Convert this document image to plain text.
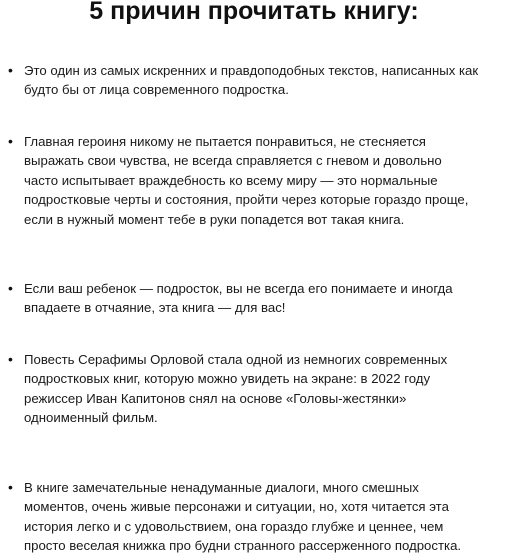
5 причин прочитать книгу:
• Это один из самых искренних и правдоподобных текстов, написанных как
будто бы от лица современного подростка.
• Главная героиня никому не пытается понравиться, не стесняется
выражать свои чувства, не всегда справляется с гневом и довольно
часто испытывает враждебность ко всему миру — это нормальные
подростковые черты и состояния, пройти через которые гораздо проще,
если в нужный момент тебе в руки попадется вот такая книга.
• Если ваш ребенок — подросток, вы не всегда его понимаете и иногда
впадаете в отчаяние, эта книга — для вас!
• Повесть Серафимы Орловой стала одной из немногих современных
подростковых книг, которую можно увидеть на экране: в 2022 году
режиссер Иван Капитонов снял на основе «Головы-жестянки»
одноименный фильм.
• В книге замечательные ненадуманные диалоги, много смешных
моментов, очень живые персонажи и ситуации, но, хотя читается эта
история легко и с удовольствием, она гораздо глубже и ценнее, чем
просто веселая книжка про будни странного рассерженного подростка.
